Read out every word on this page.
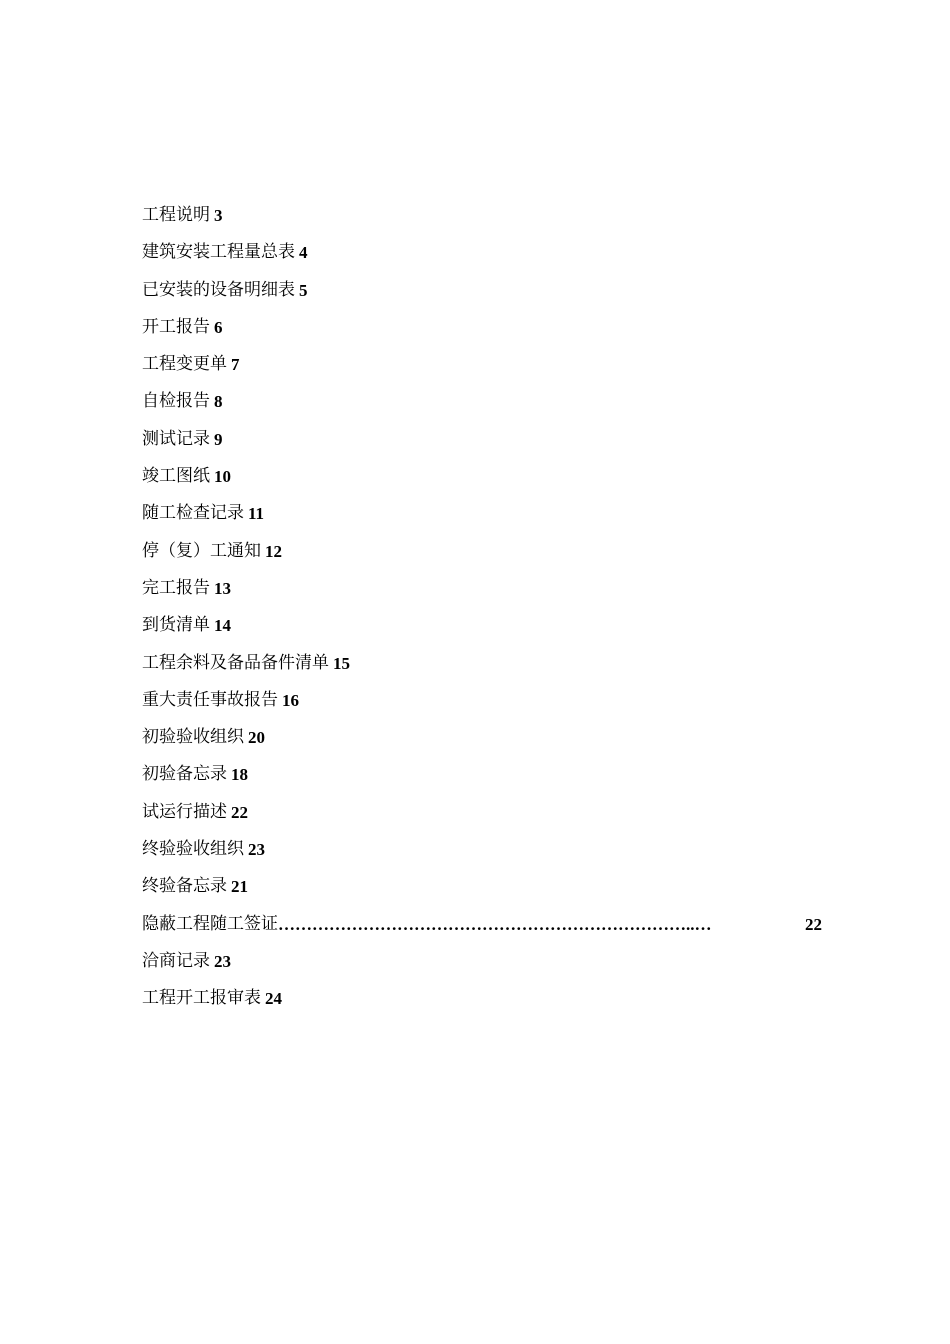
工程说明 3
建筑安装工程量总表 4
已安装的设备明细表 5
开工报告 6
工程变更单 7
自检报告 8
测试记录 9
竣工图纸 10
随工检查记录 11
停（复）工通知 12
完工报告 13
到货清单 14
工程余料及备品备件清单 15
重大责任事故报告 16
初验验收组织 20
初验备忘录 18
试运行描述 22
终验验收组织 23
终验备忘录 21
隐蔽工程随工签证 ………………………………………………………………..…	22
洽商记录 23
工程开工报审表 24
